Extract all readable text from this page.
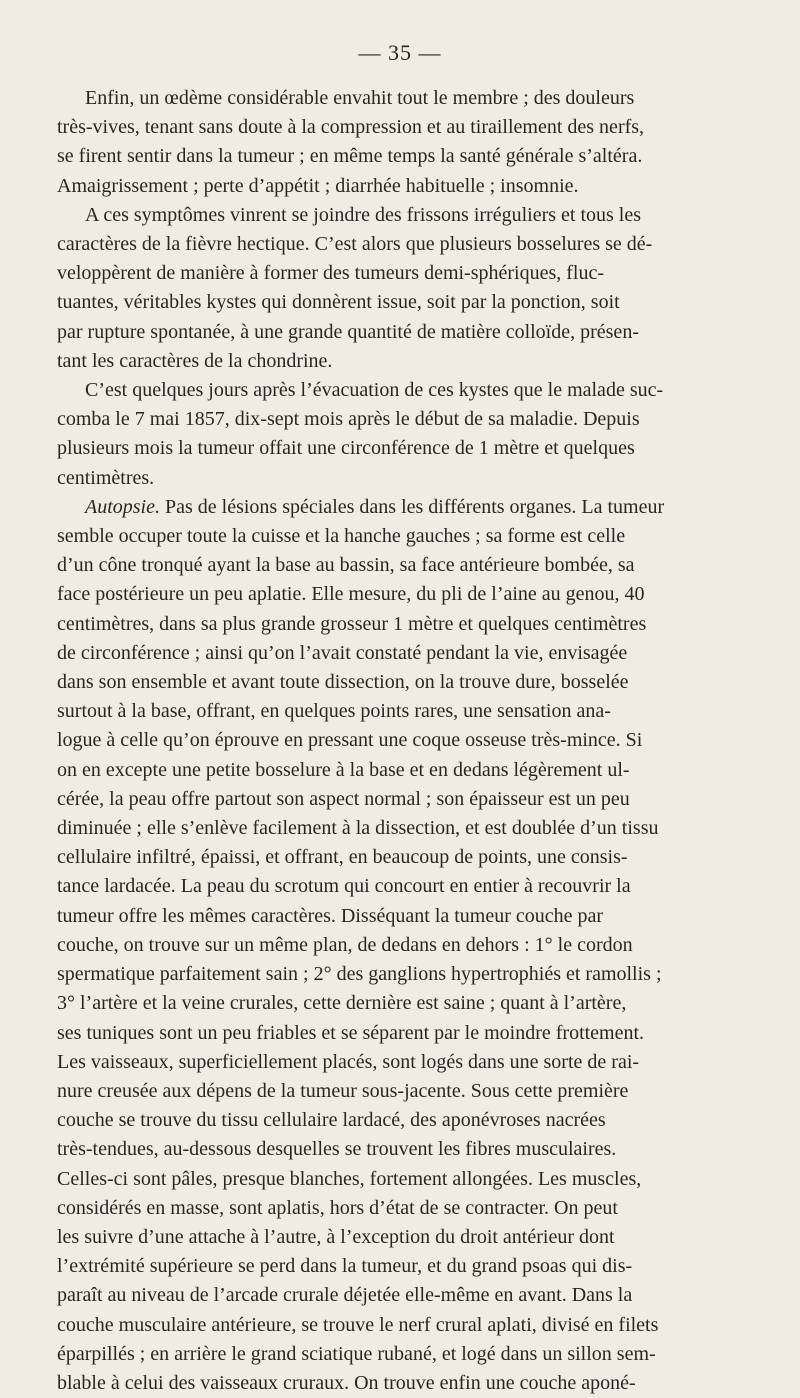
— 35 —

Enfin, un œdème considérable envahit tout le membre ; des douleurs
très-vives, tenant sans doute à la compression et au tiraillement des nerfs,
se firent sentir dans la tumeur ; en même temps la santé générale s’altéra.
Amaigrissement ; perte d’appétit ; diarrhée habituelle ; insomnie.

A ces symptômes vinrent se joindre des frissons irréguliers et tous les
caractères de la fièvre hectique. C’est alors que plusieurs bosselures se dé-
veloppèrent de manière à former des tumeurs demi-sphériques, fluc-
tuantes, véritables kystes qui donnèrent issue, soit par la ponction, soit
par rupture spontanée, à une grande quantité de matière colloïde, présen-
tant les caractères de la chondrine.

C’est quelques jours après l’évacuation de ces kystes que le malade suc-
comba le 7 mai 1857, dix-sept mois après le début de sa maladie. Depuis
plusieurs mois la tumeur offait une circonférence de 1 mètre et quelques
centimètres.

Autopsie. Pas de lésions spéciales dans les différents organes. La tumeur
semble occuper toute la cuisse et la hanche gauches ; sa forme est celle
d’un cône tronqué ayant la base au bassin, sa face antérieure bombée, sa
face postérieure un peu aplatie. Elle mesure, du pli de l’aine au genou, 40
centimètres, dans sa plus grande grosseur 1 mètre et quelques centimètres
de circonférence ; ainsi qu’on l’avait constaté pendant la vie, envisagée
dans son ensemble et avant toute dissection, on la trouve dure, bosselée
surtout à la base, offrant, en quelques points rares, une sensation ana-
logue à celle qu’on éprouve en pressant une coque osseuse très-mince. Si
on en excepte une petite bosselure à la base et en dedans légèrement ul-
cérée, la peau offre partout son aspect normal ; son épaisseur est un peu
diminuée ; elle s’enlève facilement à la dissection, et est doublée d’un tissu
cellulaire infiltré, épaissi, et offrant, en beaucoup de points, une consis-
tance lardacée. La peau du scrotum qui concourt en entier à recouvrir la
tumeur offre les mêmes caractères. Disséquant la tumeur couche par
couche, on trouve sur un même plan, de dedans en dehors : 1° le cordon
spermatique parfaitement sain ; 2° des ganglions hypertrophiés et ramollis ;
3° l’artère et la veine crurales, cette dernière est saine ; quant à l’artère,
ses tuniques sont un peu friables et se séparent par le moindre frottement.
Les vaisseaux, superficiellement placés, sont logés dans une sorte de rai-
nure creusée aux dépens de la tumeur sous-jacente. Sous cette première
couche se trouve du tissu cellulaire lardacé, des aponévroses nacrées
très-tendues, au-dessous desquelles se trouvent les fibres musculaires.
Celles-ci sont pâles, presque blanches, fortement allongées. Les muscles,
considérés en masse, sont aplatis, hors d’état de se contracter. On peut
les suivre d’une attache à l’autre, à l’exception du droit antérieur dont
l’extrémité supérieure se perd dans la tumeur, et du grand psoas qui dis-
paraît au niveau de l’arcade crurale déjetée elle-même en avant. Dans la
couche musculaire antérieure, se trouve le nerf crural aplati, divisé en filets
éparpillés ; en arrière le grand sciatique rubané, et logé dans un sillon sem-
blable à celui des vaisseaux cruraux. On trouve enfin une couche aponé-
